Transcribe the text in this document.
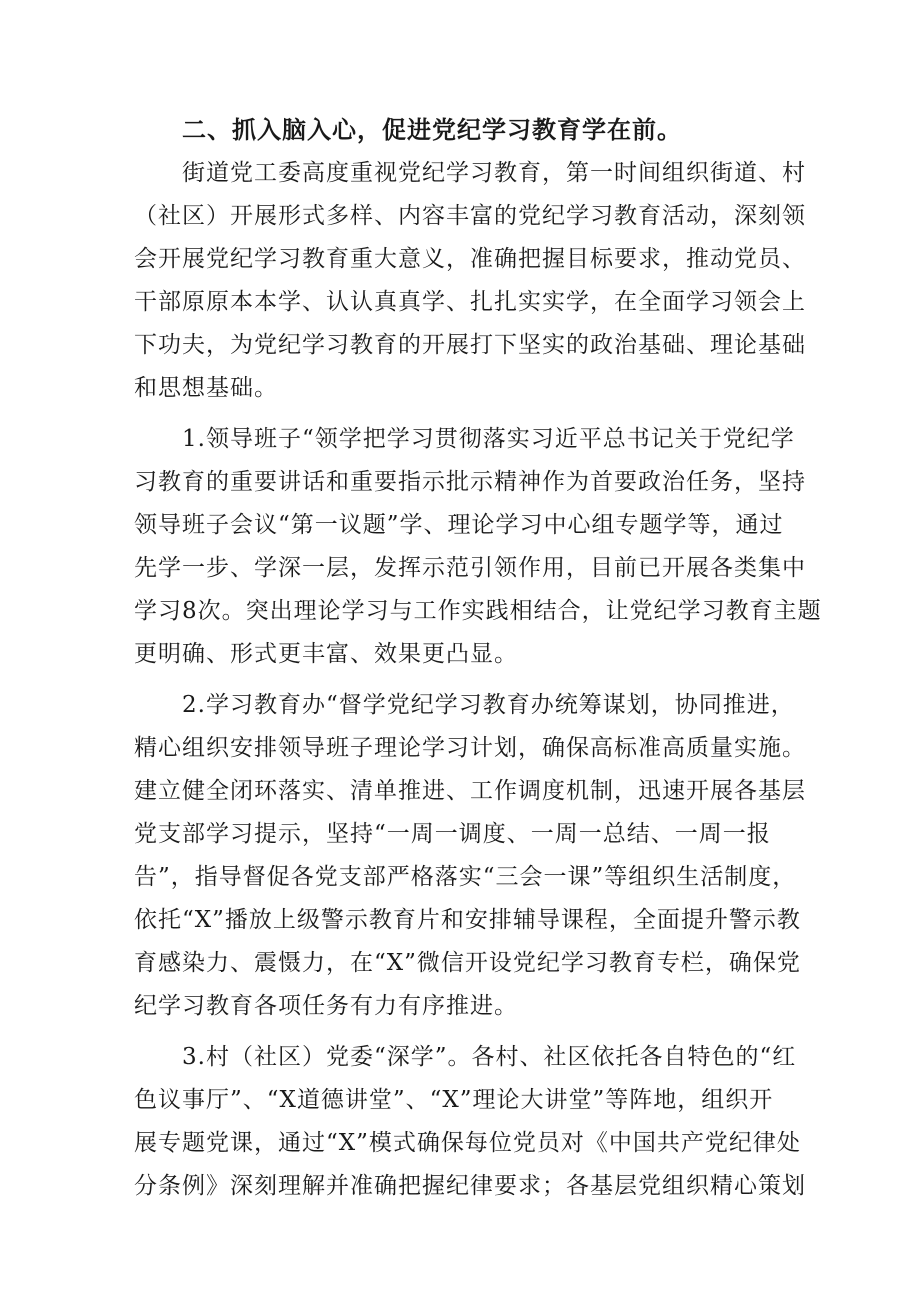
二、抓入脑入心，促进党纪学习教育学在前。
街道党工委高度重视党纪学习教育，第一时间组织街道、村
（社区）开展形式多样、内容丰富的党纪学习教育活动，深刻领
会开展党纪学习教育重大意义，准确把握目标要求，推动党员、
干部原原本本学、认认真真学、扎扎实实学，在全面学习领会上
下功夫，为党纪学习教育的开展打下坚实的政治基础、理论基础
和思想基础。
1.领导班子“领学把学习贯彻落实习近平总书记关于党纪学
习教育的重要讲话和重要指示批示精神作为首要政治任务，坚持
领导班子会议“第一议题”学、理论学习中心组专题学等，通过
先学一步、学深一层，发挥示范引领作用，目前已开展各类集中
学习8次。突出理论学习与工作实践相结合，让党纪学习教育主题
更明确、形式更丰富、效果更凸显。
2.学习教育办“督学党纪学习教育办统筹谋划，协同推进，
精心组织安排领导班子理论学习计划，确保高标准高质量实施。
建立健全闭环落实、清单推进、工作调度机制，迅速开展各基层
党支部学习提示，坚持“一周一调度、一周一总结、一周一报
告”，指导督促各党支部严格落实“三会一课”等组织生活制度，
依托“X”播放上级警示教育片和安排辅导课程，全面提升警示教
育感染力、震慑力，在“X”微信开设党纪学习教育专栏，确保党
纪学习教育各项任务有力有序推进。
3.村（社区）党委“深学”。各村、社区依托各自特色的“红
色议事厅”、“X道德讲堂”、“X”理论大讲堂”等阵地，组织开
展专题党课，通过“X”模式确保每位党员对《中国共产党纪律处
分条例》深刻理解并准确把握纪律要求；各基层党组织精心策划
